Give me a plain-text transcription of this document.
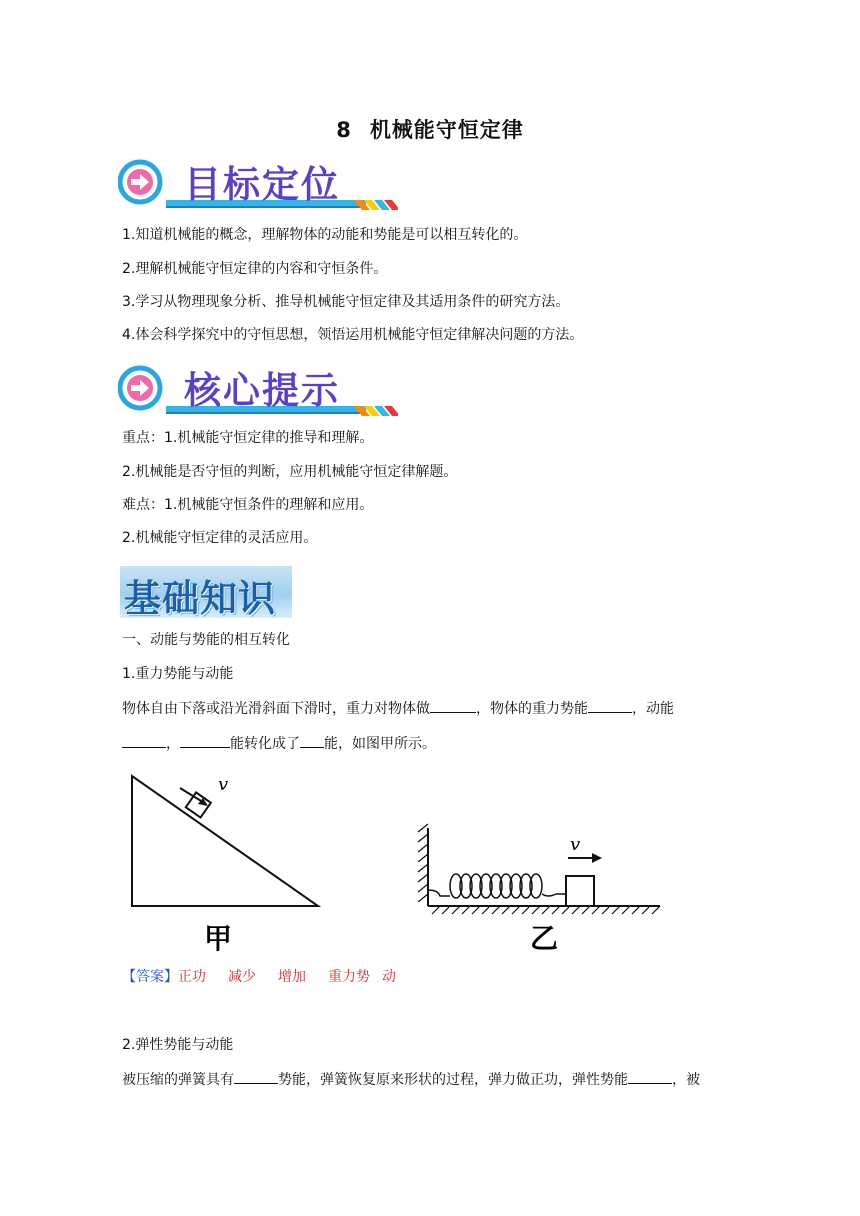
8 机械能守恒定律
目标定位
1.知道机械能的概念，理解物体的动能和势能是可以相互转化的。
2.理解机械能守恒定律的内容和守恒条件。
3.学习从物理现象分析、推导机械能守恒定律及其适用条件的研究方法。
4.体会科学探究中的守恒思想，领悟运用机械能守恒定律解决问题的方法。
核心提示
重点：1.机械能守恒定律的推导和理解。
2.机械能是否守恒的判断，应用机械能守恒定律解题。
难点：1.机械能守恒条件的理解和应用。
2.机械能守恒定律的灵活应用。
基础知识
一、动能与势能的相互转化
1.重力势能与动能
物体自由下落或沿光滑斜面下滑时，重力对物体做	，物体的重力势能	，动能
，	能转化成了 能，如图甲所示。
v
甲
v
乙
【答案】正功 减少 增加 重力势 动
2.弹性势能与动能
被压缩的弹簧具有	势能，弹簧恢复原来形状的过程，弹力做正功，弹性势能	，被
